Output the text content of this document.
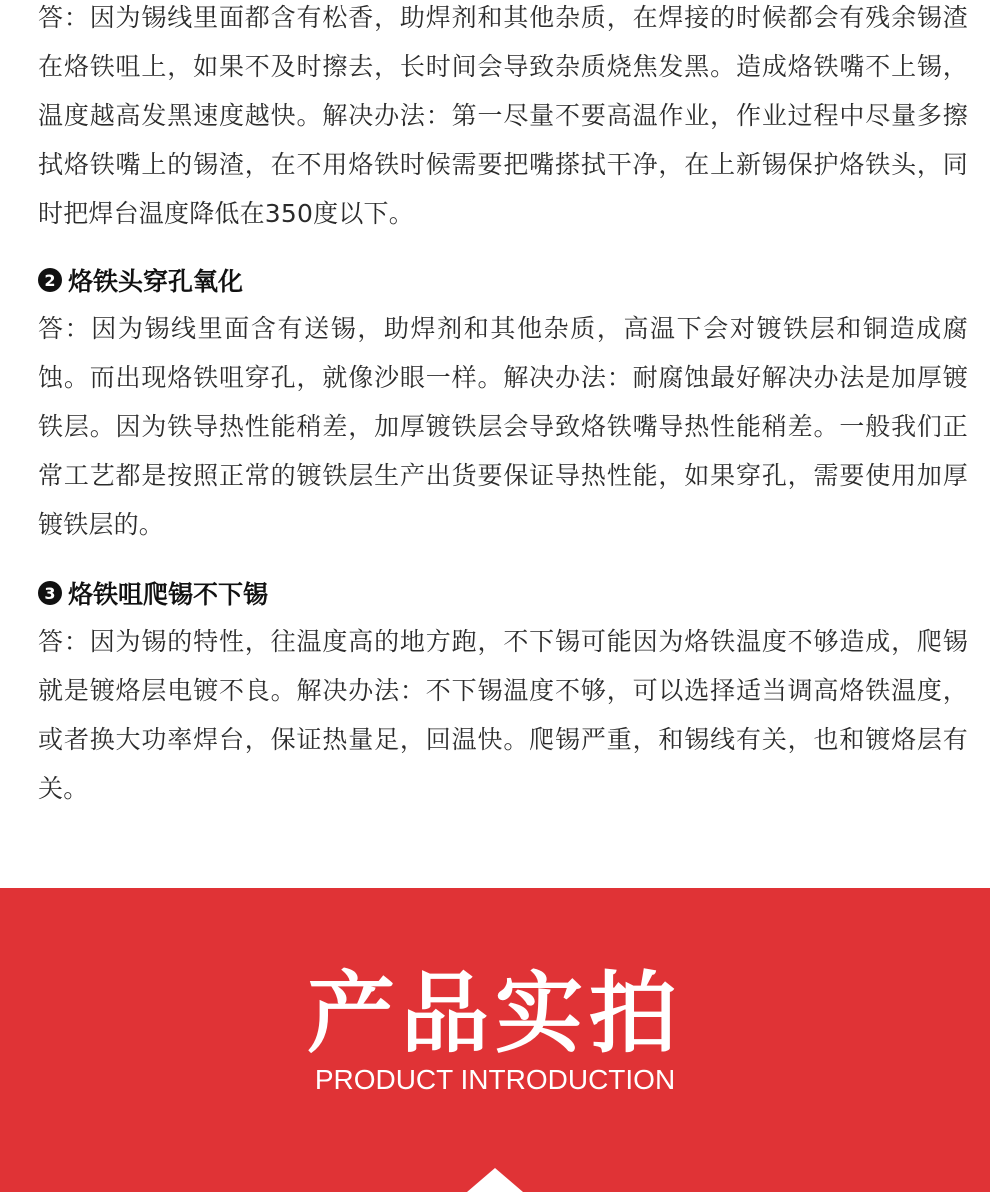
答：因为锡线里面都含有松香，助焊剂和其他杂质，在焊接的时候都会有残余锡渣在烙铁咀上，如果不及时擦去，长时间会导致杂质烧焦发黑。造成烙铁嘴不上锡，温度越高发黑速度越快。解决办法：第一尽量不要高温作业，作业过程中尽量多擦拭烙铁嘴上的锡渣，在不用烙铁时候需要把嘴搽拭干净，在上新锡保护烙铁头，同时把焊台温度降低在350度以下。

2 烙铁头穿孔氧化

答：因为锡线里面含有送锡，助焊剂和其他杂质，高温下会对镀铁层和铜造成腐蚀。而出现烙铁咀穿孔，就像沙眼一样。解决办法：耐腐蚀最好解决办法是加厚镀铁层。因为铁导热性能稍差，加厚镀铁层会导致烙铁嘴导热性能稍差。一般我们正常工艺都是按照正常的镀铁层生产出货要保证导热性能，如果穿孔，需要使用加厚镀铁层的。

3 烙铁咀爬锡不下锡

答：因为锡的特性，往温度高的地方跑，不下锡可能因为烙铁温度不够造成，爬锡就是镀烙层电镀不良。解决办法：不下锡温度不够，可以选择适当调高烙铁温度，或者换大功率焊台，保证热量足，回温快。爬锡严重，和锡线有关，也和镀烙层有关。

产品实拍
PRODUCT INTRODUCTION
